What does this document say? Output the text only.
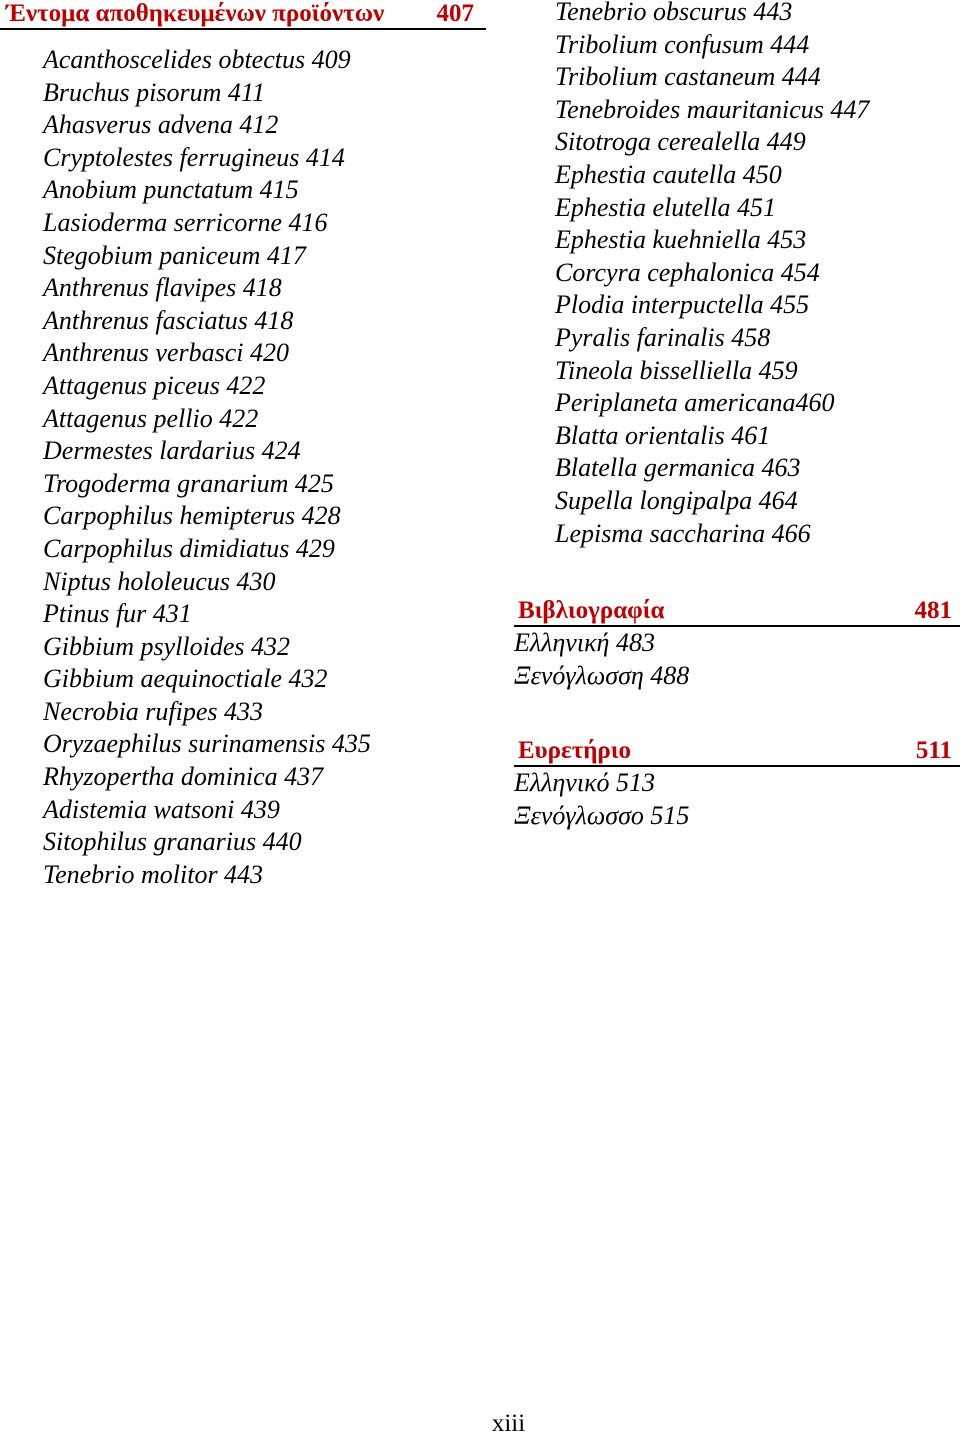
Έντομα αποθηκευμένων προϊόντων 407
Acanthoscelides obtectus 409
Bruchus pisorum 411
Ahasverus advena 412
Cryptolestes ferrugineus 414
Anobium punctatum 415
Lasioderma serricorne 416
Stegobium paniceum 417
Anthrenus flavipes 418
Anthrenus fasciatus 418
Anthrenus verbasci 420
Attagenus piceus 422
Attagenus pellio 422
Dermestes lardarius 424
Trogoderma granarium 425
Carpophilus hemipterus 428
Carpophilus dimidiatus 429
Niptus hololeucus 430
Ptinus fur 431
Gibbium psylloides 432
Gibbium aequinoctiale 432
Necrobia rufipes 433
Oryzaephilus surinamensis 435
Rhyzopertha dominica 437
Adistemia watsoni 439
Sitophilus granarius 440
Tenebrio molitor 443
Tenebrio obscurus 443
Tribolium confusum 444
Tribolium castaneum 444
Tenebroides mauritanicus 447
Sitotroga cerealella 449
Ephestia cautella 450
Ephestia elutella 451
Ephestia kuehniella 453
Corcyra cephalonica 454
Plodia interpuctella 455
Pyralis farinalis 458
Tineola bisselliella 459
Periplaneta americana460
Blatta orientalis 461
Blatella germanica 463
Supella longipalpa 464
Lepisma saccharina 466
Βιβλιογραφία	481
Ελληνική 483
Ξενόγλωσση 488
Ευρετήριο	511
Ελληνικό 513
Ξενόγλωσσο 515
xiii
